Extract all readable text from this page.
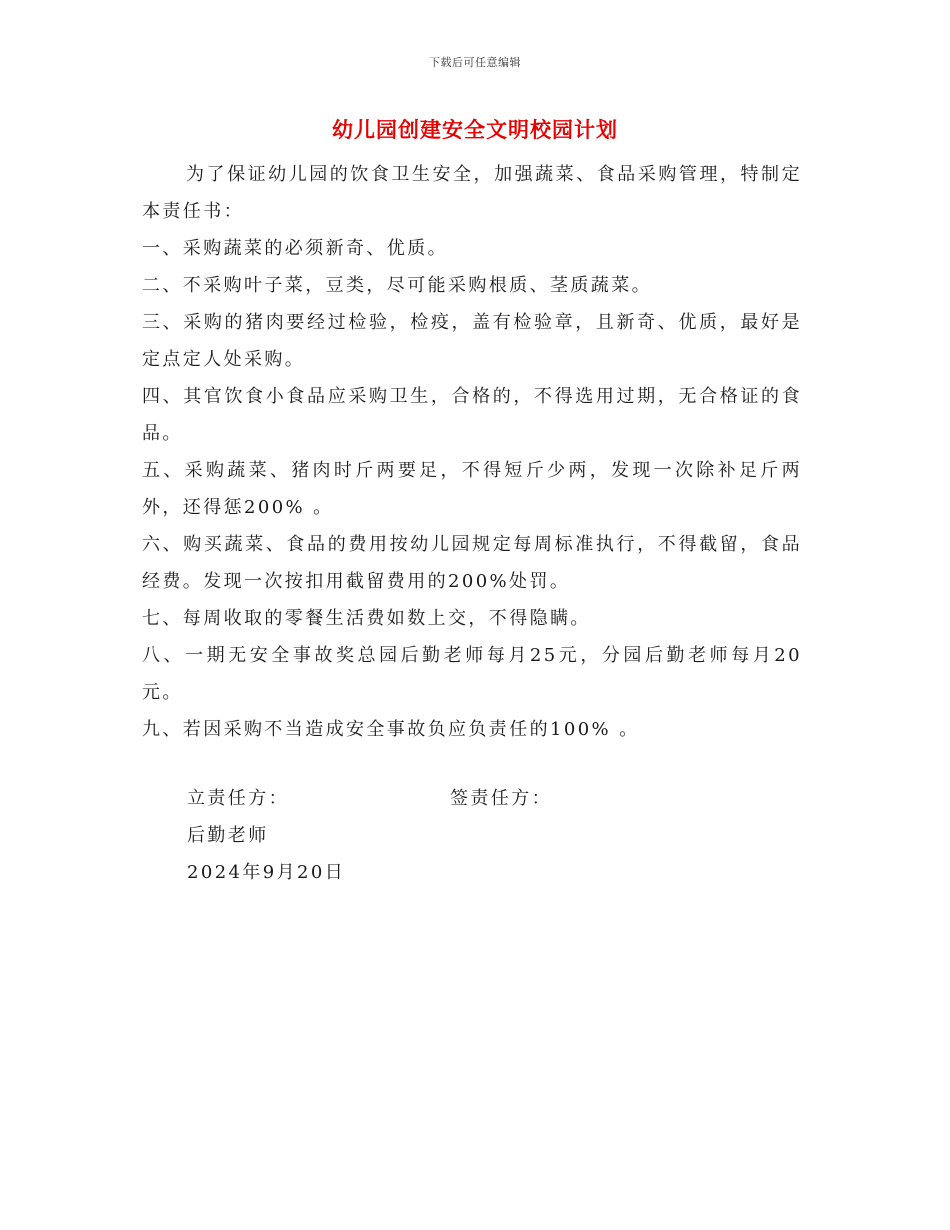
下载后可任意编辑
幼儿园创建安全文明校园计划

为了保证幼儿园的饮食卫生安全，加强蔬菜、食品采购管理，特制定本责任书：

一、采购蔬菜的必须新奇、优质。

二、不采购叶子菜，豆类，尽可能采购根质、茎质蔬菜。

三、采购的猪肉要经过检验，检疫，盖有检验章，且新奇、优质，最好是定点定人处采购。

四、其官饮食小食品应采购卫生，合格的，不得选用过期，无合格证的食品。

五、采购蔬菜、猪肉时斤两要足，不得短斤少两，发现一次除补足斤两外，还得惩200% 。

六、购买蔬菜、食品的费用按幼儿园规定每周标准执行，不得截留，食品经费。发现一次按扣用截留费用的200%处罚。

七、每周收取的零餐生活费如数上交，不得隐瞒。

八、一期无安全事故奖总园后勤老师每月25元，分园后勤老师每月20元。

九、若因采购不当造成安全事故负应负责任的100% 。

立责任方：	签责任方：

后勤老师

2024年9月20日
